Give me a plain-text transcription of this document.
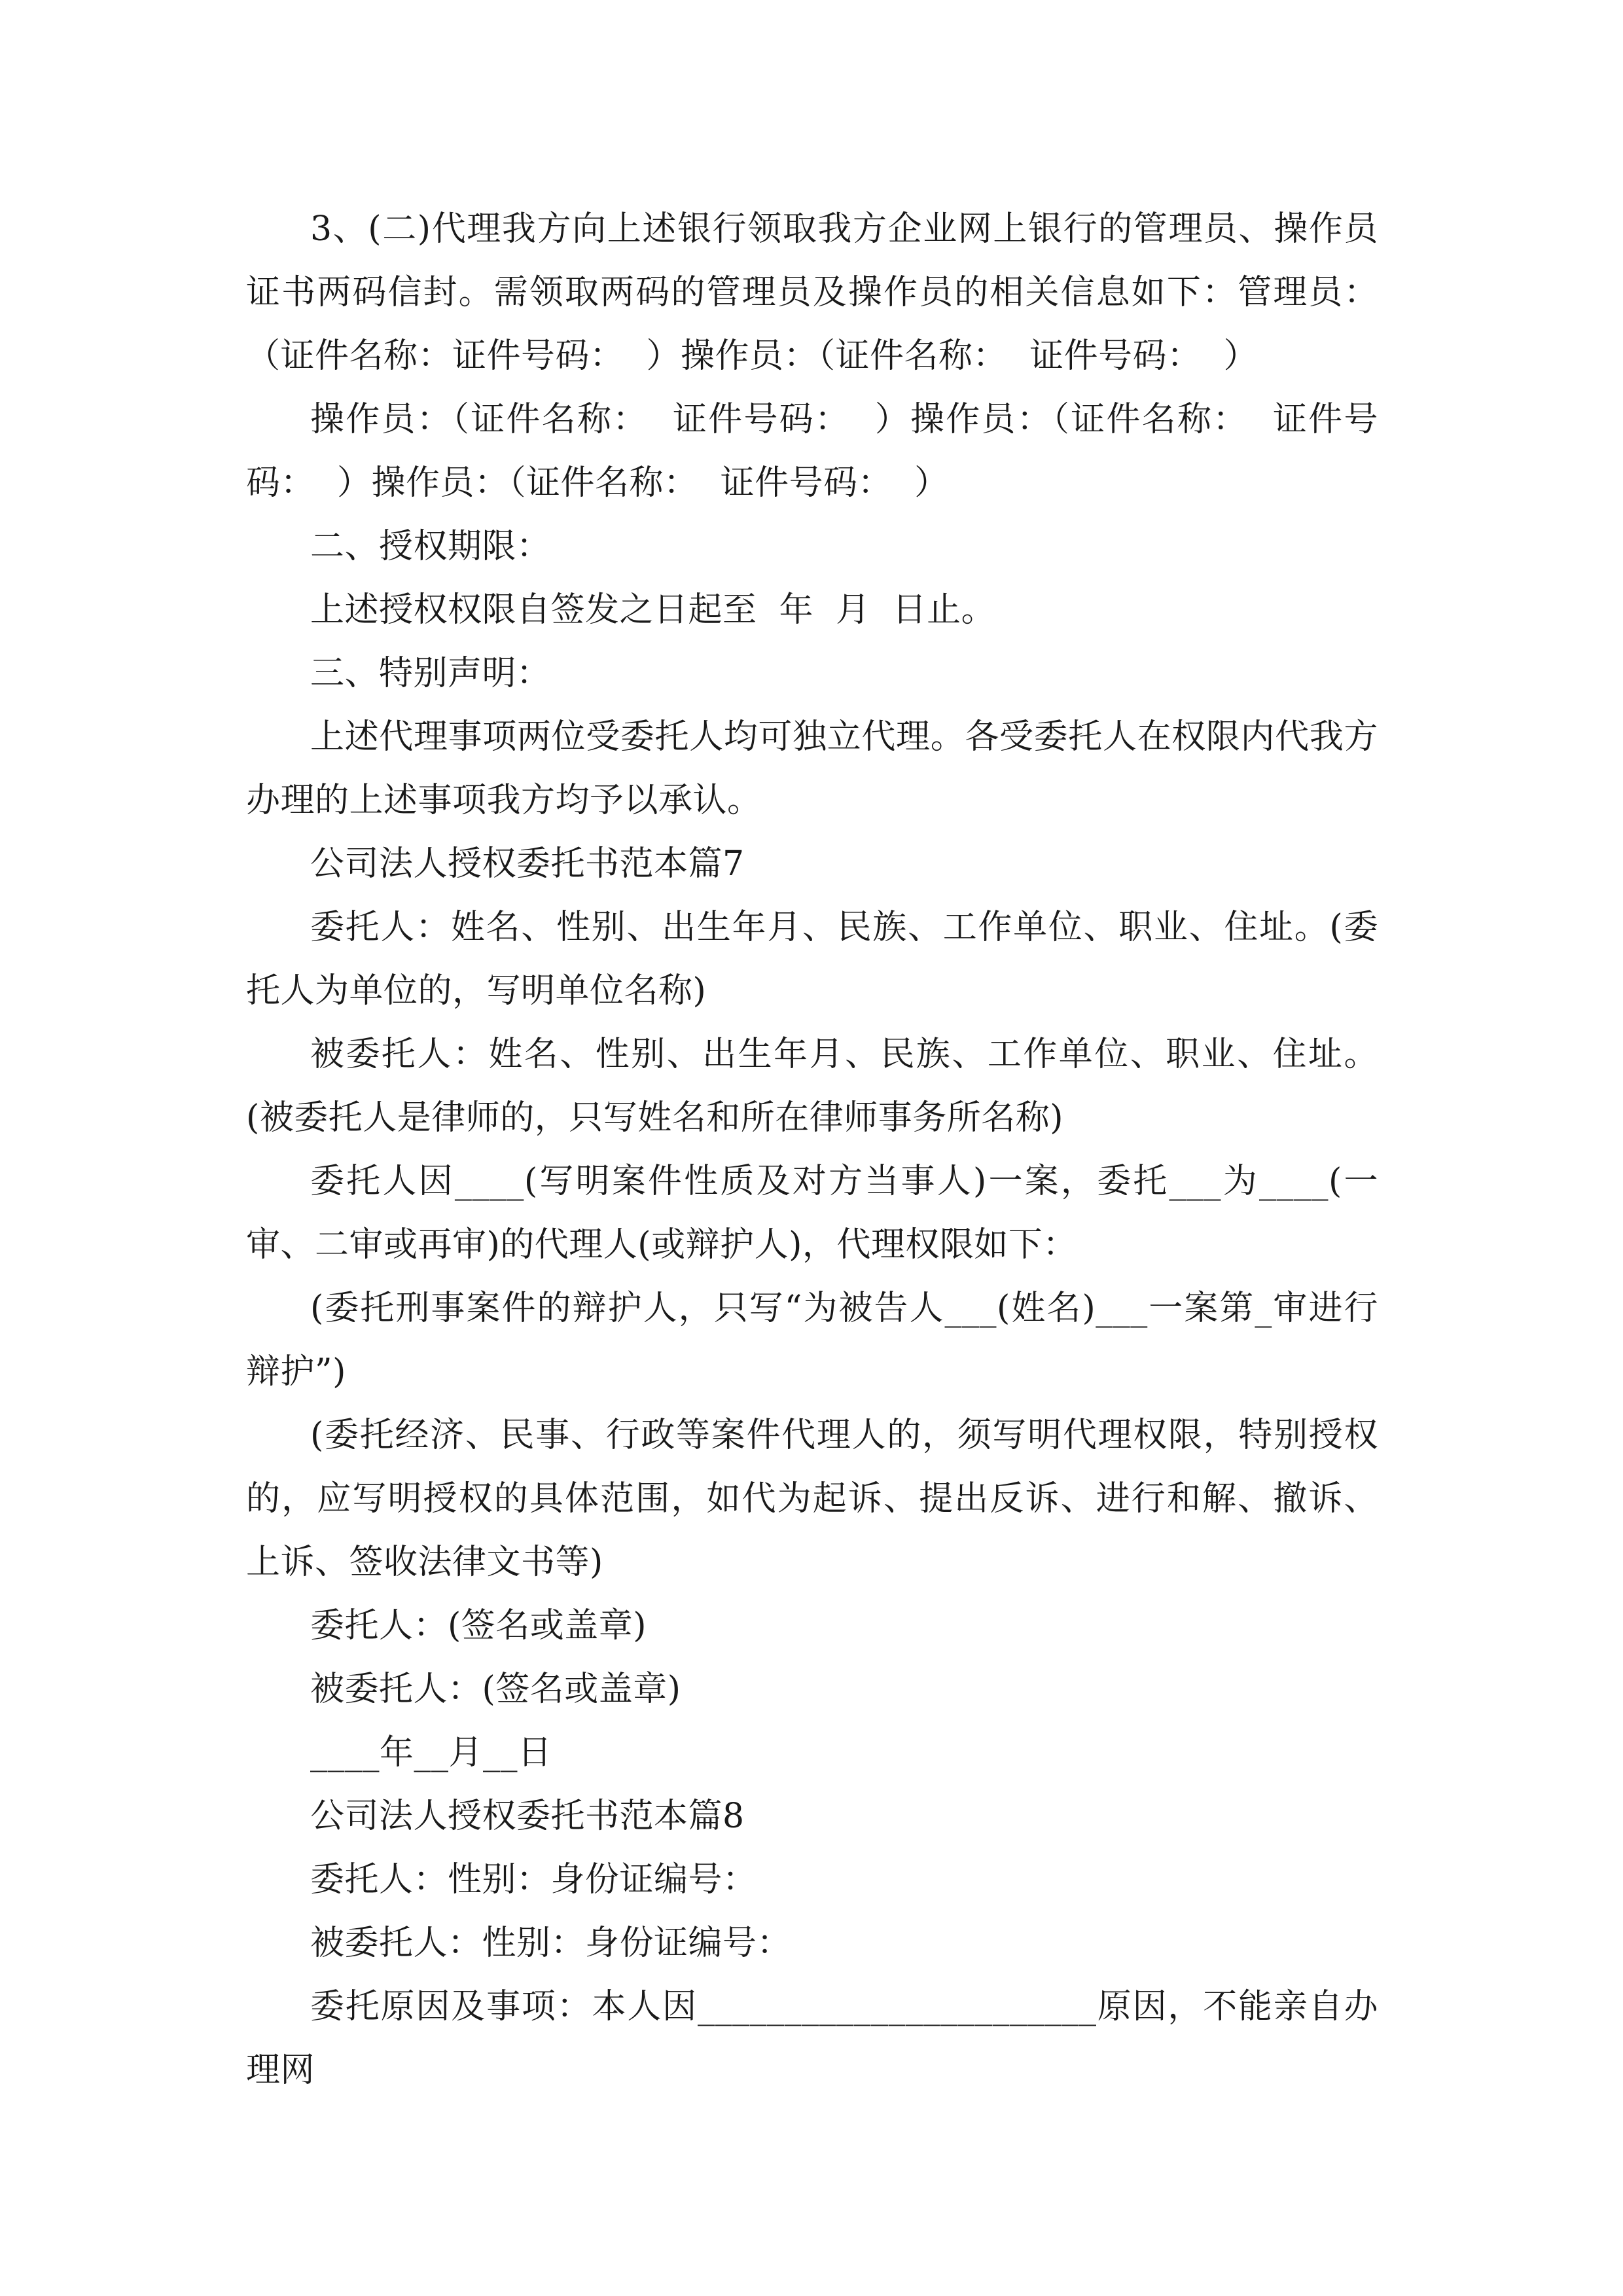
3、(二)代理我方向上述银行领取我方企业网上银行的管理员、操作员证书两码信封。需领取两码的管理员及操作员的相关信息如下：管理员：（证件名称：证件号码：  ）操作员：（证件名称：  证件号码：  ）

操作员：（证件名称：  证件号码：  ）操作员：（证件名称：  证件号码：  ）操作员：（证件名称：  证件号码：  ）

二、授权期限：

上述授权权限自签发之日起至  年  月  日止。

三、特别声明：

上述代理事项两位受委托人均可独立代理。各受委托人在权限内代我方办理的上述事项我方均予以承认。

公司法人授权委托书范本篇7

委托人：姓名、性别、出生年月、民族、工作单位、职业、住址。(委托人为单位的，写明单位名称)

被委托人：姓名、性别、出生年月、民族、工作单位、职业、住址。(被委托人是律师的，只写姓名和所在律师事务所名称)

委托人因____(写明案件性质及对方当事人)一案，委托___为____(一审、二审或再审)的代理人(或辩护人)，代理权限如下：

(委托刑事案件的辩护人，只写“为被告人___(姓名)___一案第_审进行辩护”)

(委托经济、民事、行政等案件代理人的，须写明代理权限，特别授权的，应写明授权的具体范围，如代为起诉、提出反诉、进行和解、撤诉、上诉、签收法律文书等)

委托人：(签名或盖章)

被委托人：(签名或盖章)

____年__月__日

公司法人授权委托书范本篇8

委托人：性别：身份证编号：

被委托人：性别：身份证编号：

委托原因及事项：本人因_______________________原因，不能亲自办理网
